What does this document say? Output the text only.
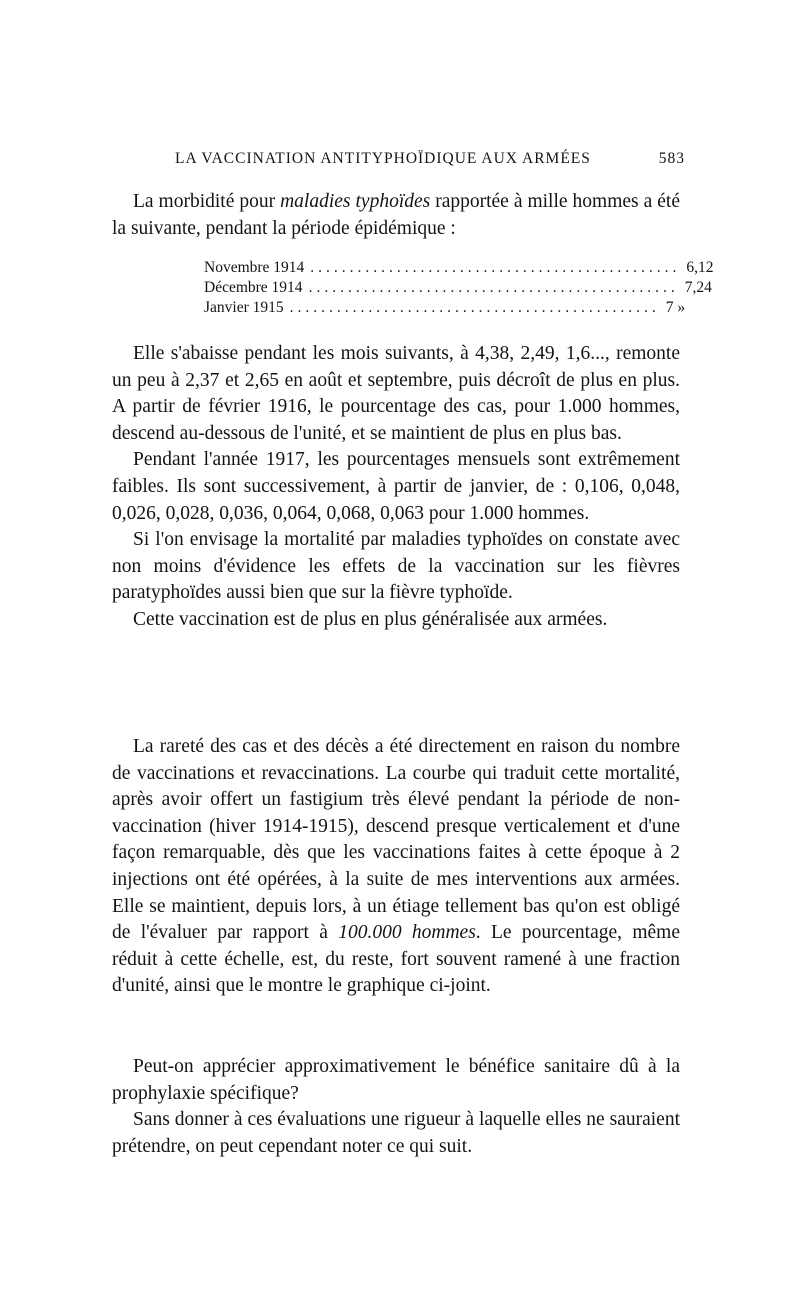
LA VACCINATION ANTITYPHOÏDIQUE AUX ARMÉES	583

La morbidité pour maladies typhoïdes rapportée à mille hommes a été la suivante, pendant la période épidémique :

Novembre 1914 ............................................... 6,12
Décembre 1914 ............................................... 7,24
Janvier 1915 ............................................... 7 »

Elle s'abaisse pendant les mois suivants, à 4,38, 2,49, 1,6..., remonte un peu à 2,37 et 2,65 en août et septembre, puis décroît de plus en plus. A partir de février 1916, le pourcentage des cas, pour 1.000 hommes, descend au-dessous de l'unité, et se maintient de plus en plus bas.

Pendant l'année 1917, les pourcentages mensuels sont extrêmement faibles. Ils sont successivement, à partir de janvier, de : 0,106, 0,048, 0,026, 0,028, 0,036, 0,064, 0,068, 0,063 pour 1.000 hommes.

Si l'on envisage la mortalité par maladies typhoïdes on constate avec non moins d'évidence les effets de la vaccination sur les fièvres paratyphoïdes aussi bien que sur la fièvre typhoïde.

Cette vaccination est de plus en plus généralisée aux armées.

La rareté des cas et des décès a été directement en raison du nombre de vaccinations et revaccinations. La courbe qui traduit cette mortalité, après avoir offert un fastigium très élevé pendant la période de non-vaccination (hiver 1914-1915), descend presque verticalement et d'une façon remarquable, dès que les vaccinations faites à cette époque à 2 injections ont été opérées, à la suite de mes interventions aux armées. Elle se maintient, depuis lors, à un étiage tellement bas qu'on est obligé de l'évaluer par rapport à 100.000 hommes. Le pourcentage, même réduit à cette échelle, est, du reste, fort souvent ramené à une fraction d'unité, ainsi que le montre le graphique ci-joint.

Peut-on apprécier approximativement le bénéfice sanitaire dû à la prophylaxie spécifique?

Sans donner à ces évaluations une rigueur à laquelle elles ne sauraient prétendre, on peut cependant noter ce qui suit.
